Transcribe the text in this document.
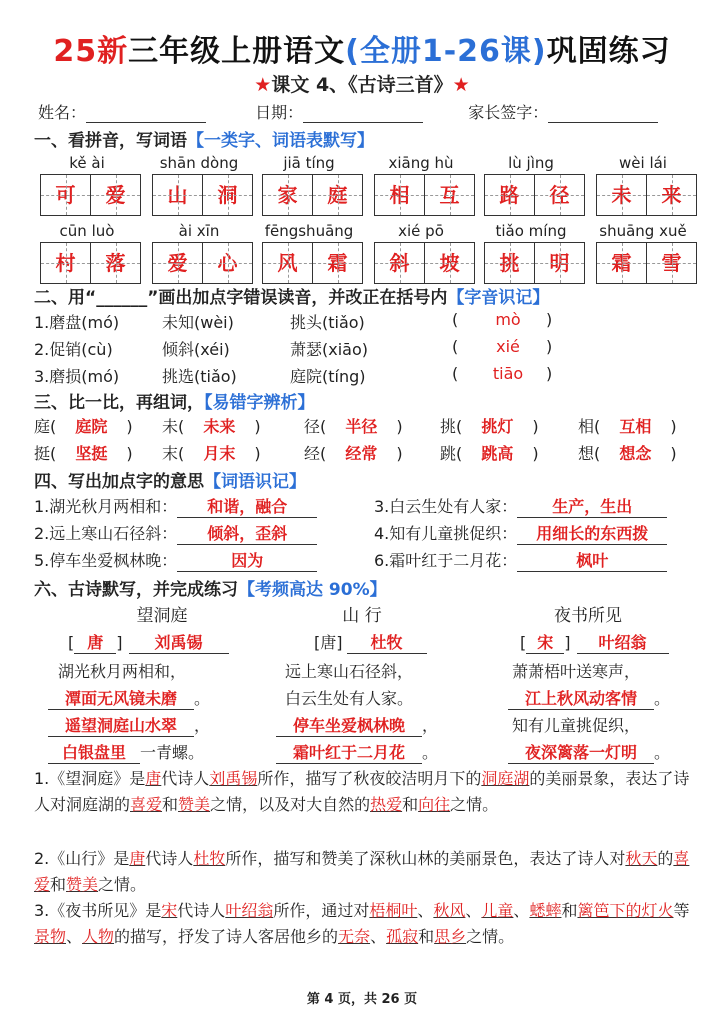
25新三年级上册语文(全册1-26课)巩固练习
★课文 4、《古诗三首》★
姓名：	日期：	家长签字：
一、看拼音，写词语【一类字、词语表默写】
二、用“______”画出加点字错误读音，并改正在括号内【字音识记】
三、比一比，再组词，【易错字辨析】
四、写出加点字的意思【词语识记】
六、古诗默写，并完成练习【考频高达 90%】
望洞庭
[ 唐 ] 刘禹锡
湖光秋月两相和，
潭面无风镜未磨 。
遥望洞庭山水翠 ，
白银盘里 一青螺。
山 行
[唐] 杜牧
远上寒山石径斜，
白云生处有人家。
停车坐爱枫林晚 ，
霜叶红于二月花 。
夜书所见
[ 宋 ] 叶绍翁
萧萧梧叶送寒声，
江上秋风动客情 。
知有儿童挑促织，
夜深篱落一灯明 。
1.《望洞庭》是唐代诗人刘禹锡所作，描写了秋夜皎洁明月下的洞庭湖的美丽景象，表达了诗人对洞庭湖的喜爱和赞美之情，以及对大自然的热爱和向往之情。
2.《山行》是唐代诗人杜牧所作，描写和赞美了深秋山林的美丽景色，表达了诗人对秋天的喜爱和赞美之情。
3.《夜书所见》是宋代诗人叶绍翁所作，通过对梧桐叶、秋风、儿童、蟋蟀和篱笆下的灯火等景物、人物的描写，抒发了诗人客居他乡的无奈、孤寂和思乡之情。
第 4 页，共 26 页
kě ài
可	爱
shān dòng
山	洞
jiā tíng
家	庭
xiāng hù
相	互
lù jìng
路	径
wèi lái
未	来
cūn luò
村	落
ài xīn
爱	心
fēngshuāng
风	霜
xié pō
斜	坡
tiǎo míng
挑	明
shuāng xuě
霜	雪
1.磨盘(mó)	未知(wèi)	挑头(tiǎo)	(	mò	)
2.促销(cù)	倾斜(xéi)	萧瑟(xiāo)	(	xié	)
3.磨损(mó)	挑选(tiǎo)	庭院(tíng)	(	tiāo	)
庭( 庭院 ) 未( 未来 )	径( 半径 ) 挑( 挑灯 ) 相( 互相 )
挺( 坚挺 ) 末( 月末 )	经( 经常 ) 跳( 跳高 ) 想( 想念 )
1.湖光秋月两相和： 和谐，融合	3.白云生处有人家： 生产，生出
2.远上寒山石径斜： 倾斜，歪斜	4.知有儿童挑促织： 用细长的东西拨
5.停车坐爱枫林晚：	因为	6.霜叶红于二月花：	枫叶
